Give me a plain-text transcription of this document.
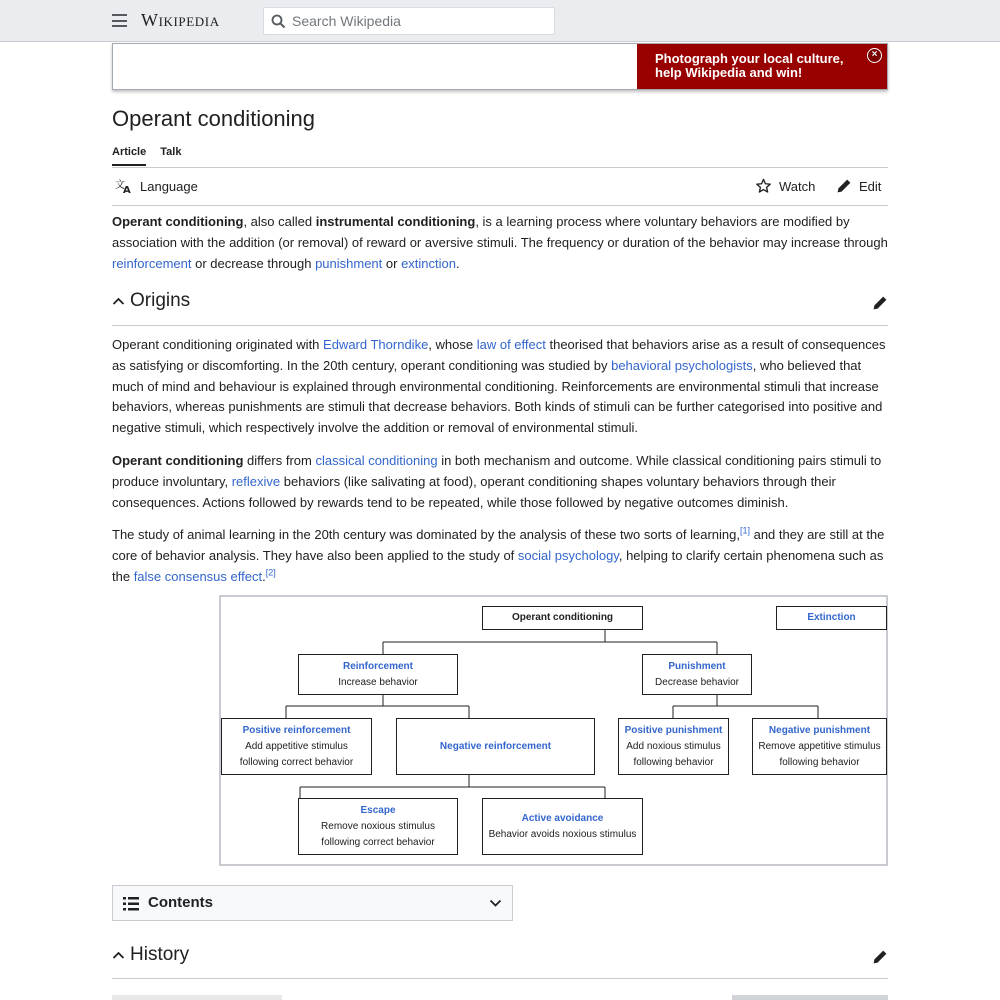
Wikipedia
Search Wikipedia
Photograph your local culture,
help Wikipedia and win!
×
Operant conditioning
Article Talk
文
A Language	Watch	Edit

Operant conditioning, also called instrumental conditioning, is a learning process where voluntary behaviors are modified by association with the addition (or removal) of reward or aversive stimuli. The frequency or duration of the behavior may increase through reinforcement or decrease through punishment or extinction.

Origins

Operant conditioning originated with Edward Thorndike, whose law of effect theorised that behaviors arise as a result of consequences as satisfying or discomforting. In the 20th century, operant conditioning was studied by behavioral psychologists, who believed that much of mind and behaviour is explained through environmental conditioning. Reinforcements are environmental stimuli that increase behaviors, whereas punishments are stimuli that decrease behaviors. Both kinds of stimuli can be further categorised into positive and negative stimuli, which respectively involve the addition or removal of environmental stimuli.

Operant conditioning differs from classical conditioning in both mechanism and outcome. While classical conditioning pairs stimuli to produce involuntary, reflexive behaviors (like salivating at food), operant conditioning shapes voluntary behaviors through their consequences. Actions followed by rewards tend to be repeated, while those followed by negative outcomes diminish.

The study of animal learning in the 20th century was dominated by the analysis of these two sorts of learning,[1] and they are still at the core of behavior analysis. They have also been applied to the study of social psychology, helping to clarify certain phenomena such as the false consensus effect.[2]

Operant conditioning	Extinction
Reinforcement
Increase behavior
Punishment
Decrease behavior
Positive reinforcement
Add appetitive stimulus
following correct behavior
Negative reinforcement
Positive punishment
Add noxious stimulus
following behavior
Negative punishment
Remove appetitive stimulus
following behavior
Escape
Remove noxious stimulus
following correct behavior
Active avoidance
Behavior avoids noxious stimulus
Contents
History
